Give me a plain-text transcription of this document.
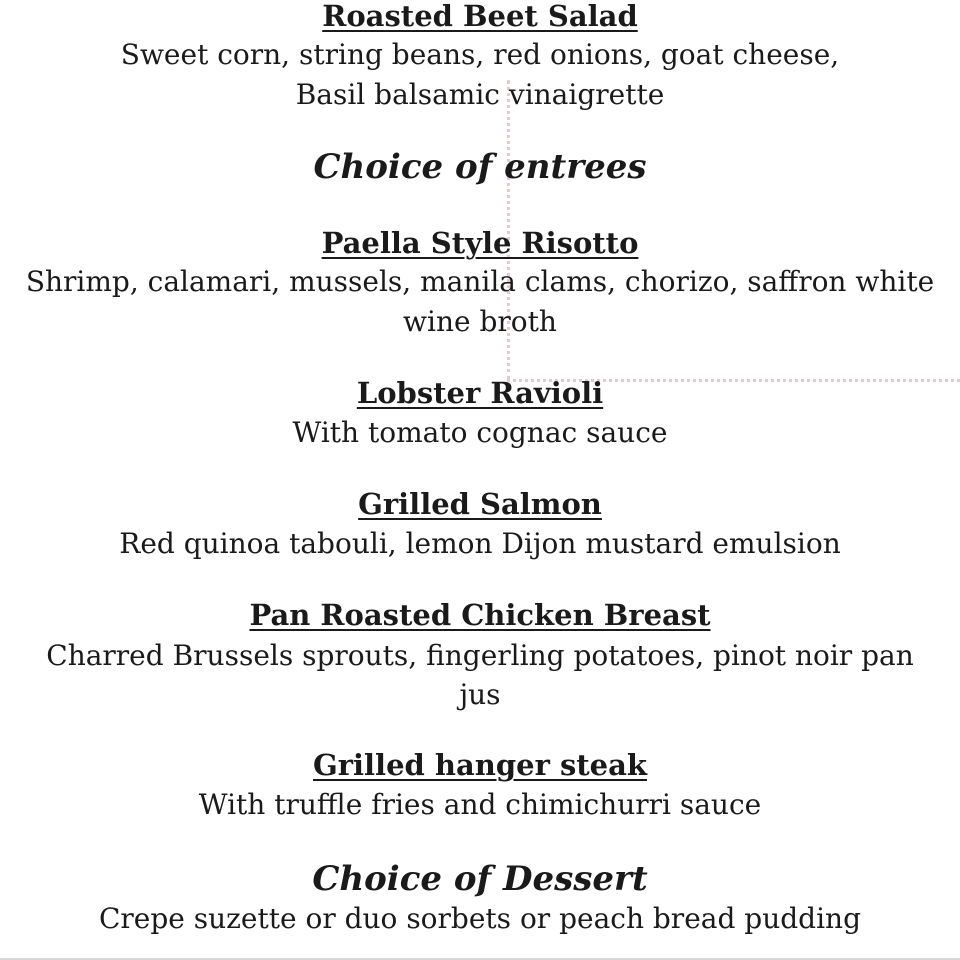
Roasted Beet Salad
Sweet corn, string beans, red onions, goat cheese,
Basil balsamic vinaigrette
Choice of entrees
Paella Style Risotto
Shrimp, calamari, mussels, manila clams, chorizo, saffron white
wine broth
Lobster Ravioli
With tomato cognac sauce
Grilled Salmon
Red quinoa tabouli, lemon Dijon mustard emulsion
Pan Roasted Chicken Breast
Charred Brussels sprouts, fingerling potatoes, pinot noir pan
jus
Grilled hanger steak
With truffle fries and chimichurri sauce
Choice of Dessert
Crepe suzette or duo sorbets or peach bread pudding
